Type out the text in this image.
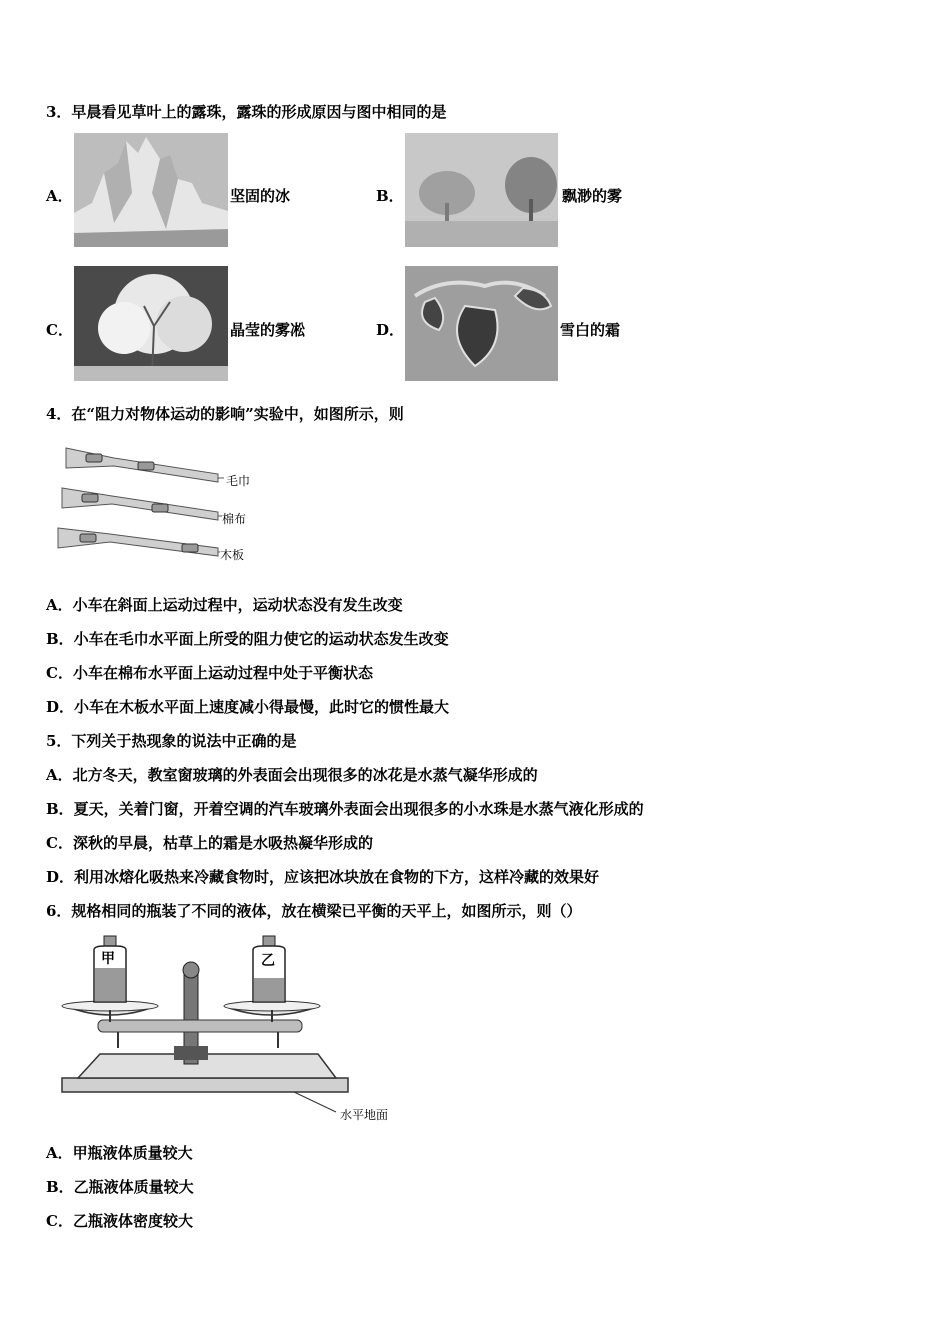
3．早晨看见草叶上的露珠，露珠的形成原因与图中相同的是
A．	坚固的冰	B．	飘渺的雾
C．	晶莹的雾凇	D．	雪白的霜
4．在“阻力对物体运动的影响”实验中，如图所示，则
毛巾
棉布
木板
A．小车在斜面上运动过程中，运动状态没有发生改变
B．小车在毛巾水平面上所受的阻力使它的运动状态发生改变
C．小车在棉布水平面上运动过程中处于平衡状态
D．小车在木板水平面上速度减小得最慢，此时它的惯性最大
5．下列关于热现象的说法中正确的是
A．北方冬天，教室窗玻璃的外表面会出现很多的冰花是水蒸气凝华形成的
B．夏天，关着门窗，开着空调的汽车玻璃外表面会出现很多的小水珠是水蒸气液化形成的
C．深秋的早晨，枯草上的霜是水吸热凝华形成的
D．利用冰熔化吸热来冷藏食物时，应该把冰块放在食物的下方，这样冷藏的效果好
6．规格相同的瓶装了不同的液体，放在横梁已平衡的天平上，如图所示，则（）
甲	乙
水平地面
A．甲瓶液体质量较大
B．乙瓶液体质量较大
C．乙瓶液体密度较大
